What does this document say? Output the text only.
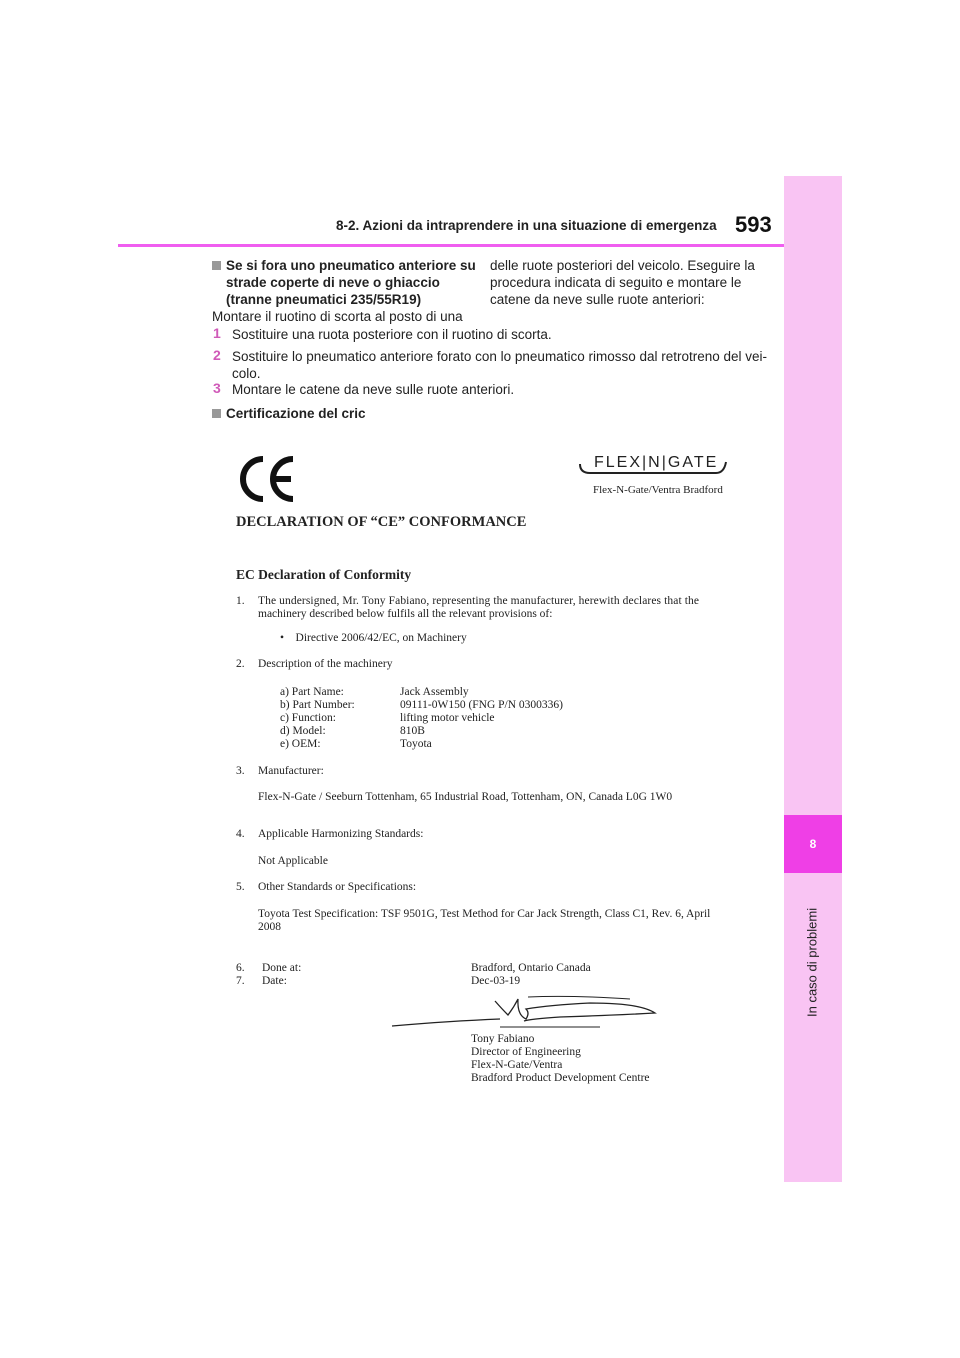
8
In caso di problemi
8-2. Azioni da intraprendere in una situazione di emergenza 593
Se si fora uno pneumatico anteriore su
strade coperte di neve o ghiaccio
(tranne pneumatici 235/55R19)
Montare il ruotino di scorta al posto di una
delle ruote posteriori del veicolo. Eseguire la
procedura indicata di seguito e montare le
catene da neve sulle ruote anteriori:
1 Sostituire una ruota posteriore con il ruotino di scorta.
2 Sostituire lo pneumatico anteriore forato con lo pneumatico rimosso dal retrotreno del vei-
colo.
3 Montare le catene da neve sulle ruote anteriori.
Certificazione del cric
FLEX|N|GATE
Flex-N-Gate/Ventra Bradford
DECLARATION OF “CE” CONFORMANCE
EC Declaration of Conformity
1. The undersigned, Mr. Tony Fabiano, representing the manufacturer, herewith declares that the
machinery described below fulfils all the relevant provisions of:
• Directive 2006/42/EC, on Machinery
2. Description of the machinery
a) Part Name:	Jack Assembly
b) Part Number:	09111-0W150 (FNG P/N 0300336)
c) Function:	lifting motor vehicle
d) Model:	810B
e) OEM:	Toyota
3. Manufacturer:
Flex-N-Gate / Seeburn Tottenham, 65 Industrial Road, Tottenham, ON, Canada L0G 1W0
4. Applicable Harmonizing Standards:
Not Applicable
5. Other Standards or Specifications:
Toyota Test Specification: TSF 9501G, Test Method for Car Jack Strength, Class C1, Rev. 6, April
2008
6. Done at:	Bradford, Ontario Canada
7. Date:	Dec-03-19
Tony Fabiano
Director of Engineering
Flex-N-Gate/Ventra
Bradford Product Development Centre
